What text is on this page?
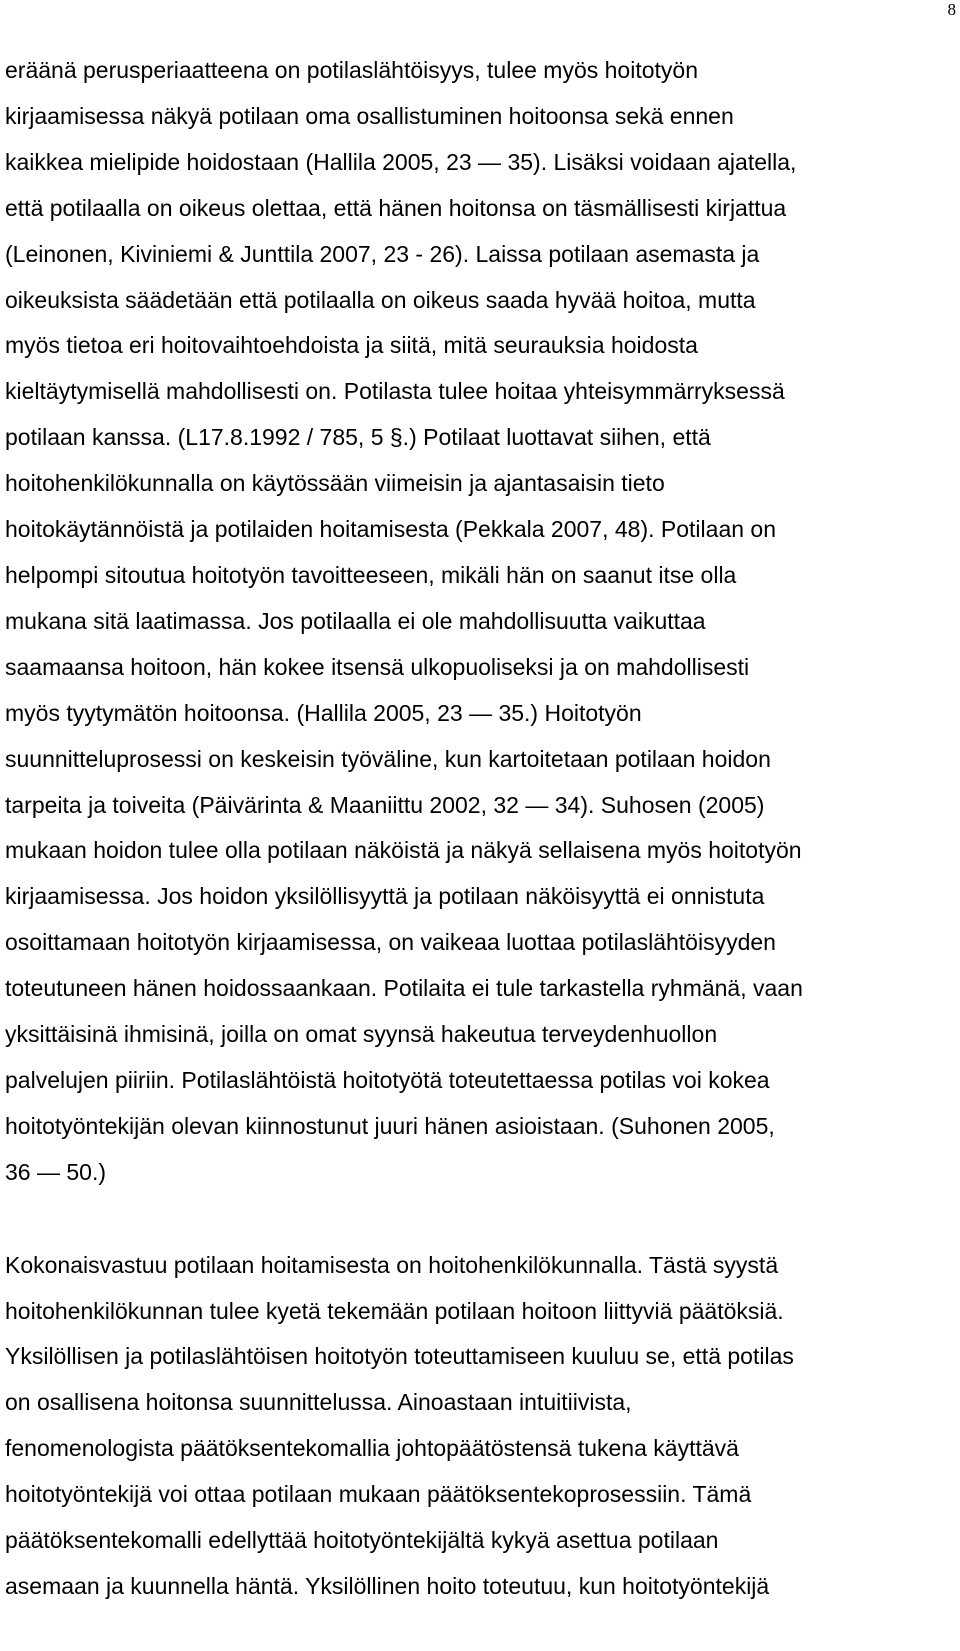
8

eräänä perusperiaatteena on potilaslähtöisyys, tulee myös hoitotyön
kirjaamisessa näkyä potilaan oma osallistuminen hoitoonsa sekä ennen
kaikkea mielipide hoidostaan (Hallila 2005, 23 — 35). Lisäksi voidaan ajatella,
että potilaalla on oikeus olettaa, että hänen hoitonsa on täsmällisesti kirjattua
(Leinonen, Kiviniemi & Junttila 2007, 23 - 26). Laissa potilaan asemasta ja
oikeuksista säädetään että potilaalla on oikeus saada hyvää hoitoa, mutta
myös tietoa eri hoitovaihtoehdoista ja siitä, mitä seurauksia hoidosta
kieltäytymisellä mahdollisesti on. Potilasta tulee hoitaa yhteisymmärryksessä
potilaan kanssa. (L17.8.1992 / 785, 5 §.) Potilaat luottavat siihen, että
hoitohenkilökunnalla on käytössään viimeisin ja ajantasaisin tieto
hoitokäytännöistä ja potilaiden hoitamisesta (Pekkala 2007, 48). Potilaan on
helpompi sitoutua hoitotyön tavoitteeseen, mikäli hän on saanut itse olla
mukana sitä laatimassa. Jos potilaalla ei ole mahdollisuutta vaikuttaa
saamaansa hoitoon, hän kokee itsensä ulkopuoliseksi ja on mahdollisesti
myös tyytymätön hoitoonsa. (Hallila 2005, 23 — 35.) Hoitotyön
suunnitteluprosessi on keskeisin työväline, kun kartoitetaan potilaan hoidon
tarpeita ja toiveita (Päivärinta & Maaniittu 2002, 32 — 34). Suhosen (2005)
mukaan hoidon tulee olla potilaan näköistä ja näkyä sellaisena myös hoitotyön
kirjaamisessa. Jos hoidon yksilöllisyyttä ja potilaan näköisyyttä ei onnistuta
osoittamaan hoitotyön kirjaamisessa, on vaikeaa luottaa potilaslähtöisyyden
toteutuneen hänen hoidossaankaan. Potilaita ei tule tarkastella ryhmänä, vaan
yksittäisinä ihmisinä, joilla on omat syynsä hakeutua terveydenhuollon
palvelujen piiriin. Potilaslähtöistä hoitotyötä toteutettaessa potilas voi kokea
hoitotyöntekijän olevan kiinnostunut juuri hänen asioistaan. (Suhonen 2005,
36 — 50.)

Kokonaisvastuu potilaan hoitamisesta on hoitohenkilökunnalla. Tästä syystä
hoitohenkilökunnan tulee kyetä tekemään potilaan hoitoon liittyviä päätöksiä.
Yksilöllisen ja potilaslähtöisen hoitotyön toteuttamiseen kuuluu se, että potilas
on osallisena hoitonsa suunnittelussa. Ainoastaan intuitiivista,
fenomenologista päätöksentekomallia johtopäätöstensä tukena käyttävä
hoitotyöntekijä voi ottaa potilaan mukaan päätöksentekoprosessiin. Tämä
päätöksentekomalli edellyttää hoitotyöntekijältä kykyä asettua potilaan
asemaan ja kuunnella häntä. Yksilöllinen hoito toteutuu, kun hoitotyöntekijä
